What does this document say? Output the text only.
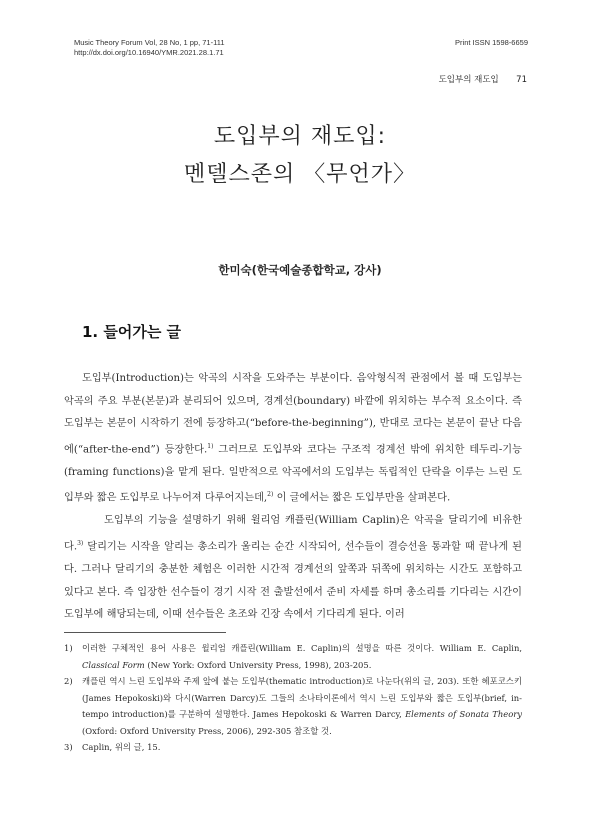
Music Theory Forum Vol, 28 No, 1 pp, 71-111
http://dx.doi.org/10.16940/YMR.2021.28.1.71
Print ISSN 1598-6659
도입부의 재도입 71
도입부의 재도입:
멘델스존의 〈무언가〉
한미숙(한국예술종합학교, 강사)
1. 들어가는 글

도입부(Introduction)는 악곡의 시작을 도와주는 부분이다. 음악형식적 관점에서 볼 때 도입부는 악곡의 주요 부분(본문)과 분리되어 있으며, 경계선(boundary) 바깥에 위치하는 부수적 요소이다. 즉 도입부는 본문이 시작하기 전에 등장하고(“before-the-beginning”), 반대로 코다는 본문이 끝난 다음에(“after-the-end”) 등장한다.$^{1)}$ 그러므로 도입부와 코다는 구조적 경계선 밖에 위치한 테두리-기능(framing functions)을 맡게 된다. 일반적으로 악곡에서의 도입부는 독립적인 단락을 이루는 느린 도입부와 짧은 도입부로 나누어져 다루어지는데,$^{2)}$ 이 글에서는 짧은 도입부만을 살펴본다.

도입부의 기능을 설명하기 위해 윌리엄 캐플린(William Caplin)은 악곡을 달리기에 비유한다.$^{3)}$ 달리기는 시작을 알리는 총소리가 울리는 순간 시작되어, 선수들이 결승선을 통과할 때 끝나게 된다. 그러나 달리기의 충분한 체험은 이러한 시간적 경계선의 앞쪽과 뒤쪽에 위치하는 시간도 포함하고 있다고 본다. 즉 입장한 선수들이 경기 시작 전 출발선에서 준비 자세를 하며 총소리를 기다리는 시간이 도입부에 해당되는데, 이때 선수들은 초조와 긴장 속에서 기다리게 된다. 이러

1)	이러한 구체적인 용어 사용은 윌리엄 캐플린(William E. Caplin)의 설명을 따른 것이다. William E. Caplin, Classical Form (New York: Oxford University Press, 1998), 203-205.
2)	캐플린 역시 느린 도입부와 주제 앞에 붙는 도입부(thematic introduction)로 나눈다(위의 글, 203). 또한 헤포코스키(James Hepokoski)와 다시(Warren Darcy)도 그들의 소나타이론에서 역시 느린 도입부와 짧은 도입부(brief, in-tempo introduction)를 구분하여 설명한다. James Hepokoski & Warren Darcy, Elements of Sonata Theory (Oxford: Oxford University Press, 2006), 292-305 참조할 것.
3)	Caplin, 위의 글, 15.
